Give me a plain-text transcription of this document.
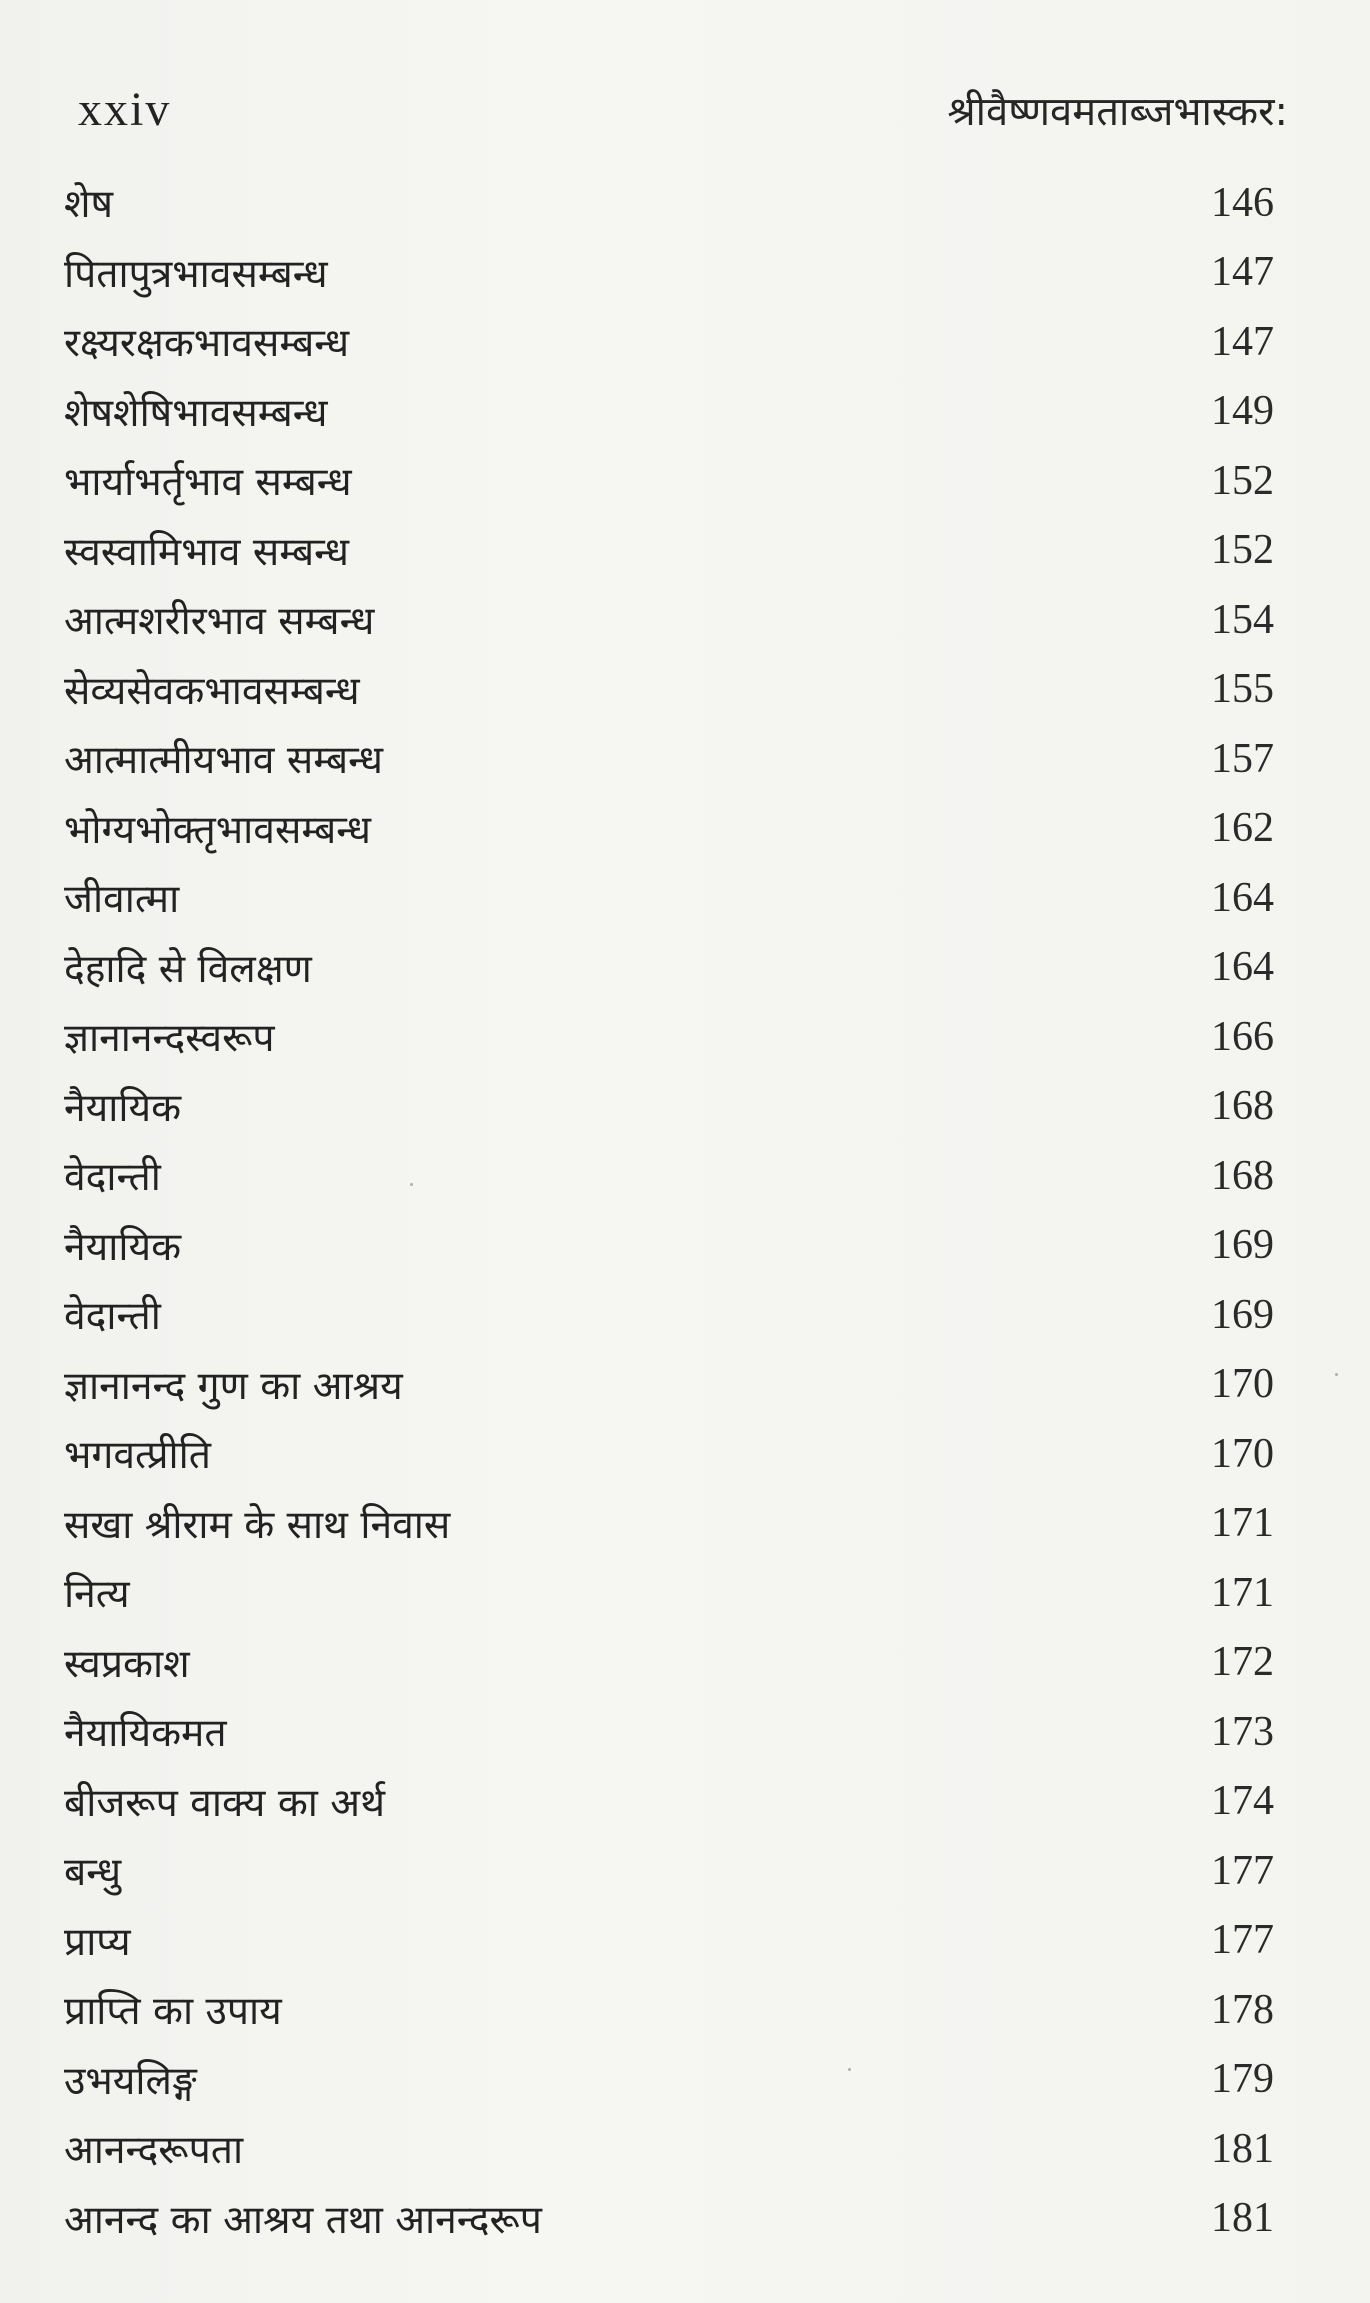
xxiv	श्रीवैष्णवमताब्जभास्कर:
शेष	146
पितापुत्रभावसम्बन्ध	147
रक्ष्यरक्षकभावसम्बन्ध	147
शेषशेषिभावसम्बन्ध	149
भार्याभर्तृभाव सम्बन्ध	152
स्वस्वामिभाव सम्बन्ध	152
आत्मशरीरभाव सम्बन्ध	154
सेव्यसेवकभावसम्बन्ध	155
आत्मात्मीयभाव सम्बन्ध	157
भोग्यभोक्तृभावसम्बन्ध	162
जीवात्मा	164
देहादि से विलक्षण	164
ज्ञानानन्दस्वरूप	166
नैयायिक	168
वेदान्ती	168
नैयायिक	169
वेदान्ती	169
ज्ञानानन्द गुण का आश्रय	170
भगवत्प्रीति	170
सखा श्रीराम के साथ निवास	171
नित्य	171
स्वप्रकाश	172
नैयायिकमत	173
बीजरूप वाक्य का अर्थ	174
बन्धु	177
प्राप्य	177
प्राप्ति का उपाय	178
उभयलिङ्ग	179
आनन्दरूपता	181
आनन्द का आश्रय तथा आनन्दरूप	181
